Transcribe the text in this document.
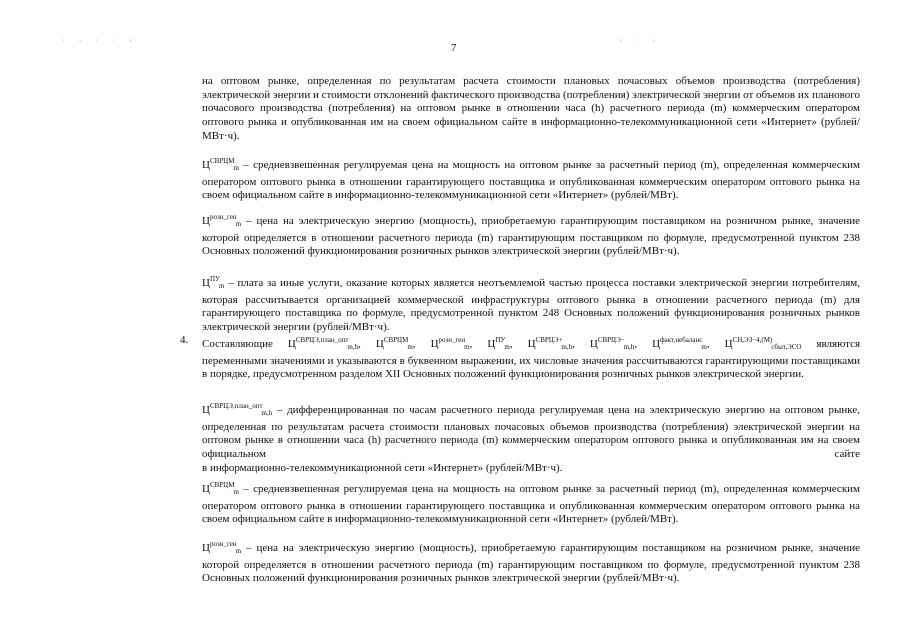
˙ ' ˙ ˙ '	' ˙ '
7

на оптовом рынке, определенная по результатам расчета стоимости плановых почасовых объемов производства (потребления) электрической энергии и стоимости отклонений фактического производства (потребления) электрической энергии от объемов их планового почасового производства (потребления) на оптовом рынке в отношении часа (h) расчетного периода (m) коммерческим оператором оптового рынка и опубликованная им на своем официальном сайте в информационно-телекоммуникационной сети «Интернет» (рублей/МВт·ч).

$Ц^{СВРЦМ}_m$ – средневзвешенная регулируемая цена на мощность на оптовом рынке за расчетный период (m), определенная коммерческим оператором оптового рынка в отношении гарантирующего поставщика и опубликованная коммерческим оператором оптового рынка на своем официальном сайте в информационно-телекоммуникационной сети «Интернет» (рублей/МВт).

$Ц^{розн\_ген}_m$ – цена на электрическую энергию (мощность), приобретаемую гарантирующим поставщиком на розничном рынке, значение которой определяется в отношении расчетного периода (m) гарантирующим поставщиком по формуле, предусмотренной пунктом 238 Основных положений функционирования розничных рынков электрической энергии (рублей/МВт·ч).

$Ц^{ПУ}_m$ – плата за иные услуги, оказание которых является неотъемлемой частью процесса поставки электрической энергии потребителям, которая рассчитывается организацией коммерческой инфраструктуры оптового рынка в отношении расчетного периода (m) для гарантирующего поставщика по формуле, предусмотренной пунктом 248 Основных положений функционирования розничных рынков электрической энергии (рублей/МВт·ч).

4. Составляющие $Ц^{СВРЦЭ,план\_опт}_{m,h}$, $Ц^{СВРЦМ}_m$, $Ц^{розн\_ген}_m$, $Ц^{ПУ}_m$, $Ц^{СВРЦЭ+}_{m,h}$, $Ц^{СВРЦЭ-}_{m,h}$, $Ц^{факт,небаланс}_m$, $Ц^{СН,ЭЗ-4,(М)}_{сбыт,ЭСО}$ являются

переменными значениями и указываются в буквенном выражении, их числовые значения рассчитываются гарантирующими поставщиками в порядке, предусмотренном разделом XII Основных положений функционирования розничных рынков электрической энергии.

$Ц^{СВРЦЭ,план\_опт}_{m,h}$ – дифференцированная по часам расчетного периода регулируемая цена на электрическую энергию на оптовом рынке, определенная по результатам расчета стоимости плановых почасовых объемов производства (потребления) электрической энергии на оптовом рынке в отношении часа (h) расчетного периода (m) коммерческим оператором оптового рынка и опубликованная им на своем официальном сайте

в информационно-телекоммуникационной сети «Интернет» (рублей/МВт·ч).

$Ц^{СВРЦМ}_m$ – средневзвешенная регулируемая цена на мощность на оптовом рынке за расчетный период (m), определенная коммерческим оператором оптового рынка в отношении гарантирующего поставщика и опубликованная коммерческим оператором оптового рынка на своем официальном сайте в информационно-телекоммуникационной сети «Интернет» (рублей/МВт).

$Ц^{розн\_ген}_m$ – цена на электрическую энергию (мощность), приобретаемую гарантирующим поставщиком на розничном рынке, значение которой определяется в отношении расчетного периода (m) гарантирующим поставщиком по формуле, предусмотренной пунктом 238 Основных положений функционирования розничных рынков электрической энергии (рублей/МВт·ч).
